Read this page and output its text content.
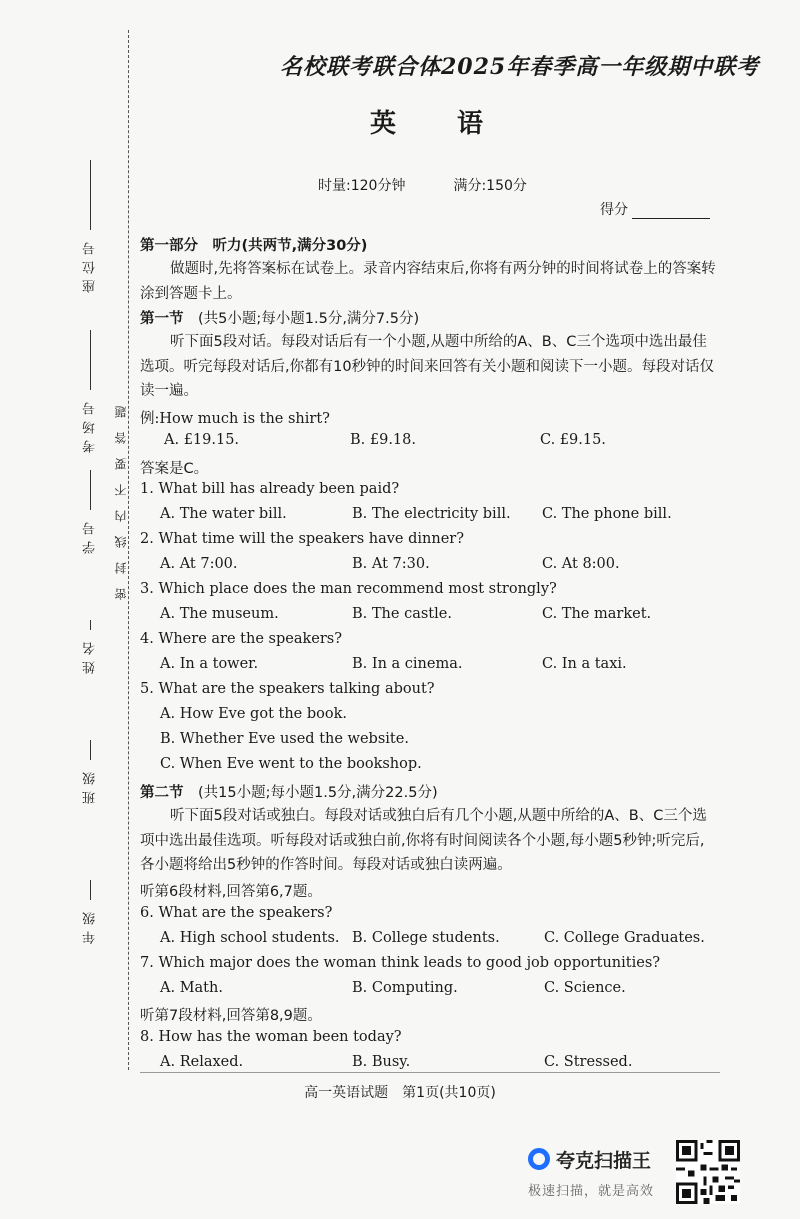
座位号
考场号
学号
姓名
班级
年级
密封线内不要答题
名校联考联合体2025年春季高一年级期中联考
英 语
时量:120分钟	满分:150分
得分
第一部分　听力(共两节,满分30分)
做题时,先将答案标在试卷上。录音内容结束后,你将有两分钟的时间将试卷上的答案转涂到答题卡上。
第一节　 (共5小题;每小题1.5分,满分7.5分)
听下面5段对话。每段对话后有一个小题,从题中所给的A、B、C三个选项中选出最佳选项。听完每段对话后,你都有10秒钟的时间来回答有关小题和阅读下一小题。每段对话仅读一遍。
例:How much is the shirt?
A. £19.15.	B. £9.18.	C. £9.15.
答案是C。
1. What bill has already been paid?
A. The water bill.	B. The electricity bill. C. The phone bill.
2. What time will the speakers have dinner?
A. At 7:00.	B. At 7:30.	C. At 8:00.
3. Which place does the man recommend most strongly?
A. The museum.	B. The castle.	C. The market.
4. Where are the speakers?
A. In a tower.	B. In a cinema.	C. In a taxi.
5. What are the speakers talking about?
A. How Eve got the book.
B. Whether Eve used the website.
C. When Eve went to the bookshop.
第二节　 (共15小题;每小题1.5分,满分22.5分)
听下面5段对话或独白。每段对话或独白后有几个小题,从题中所给的A、B、C三个选项中选出最佳选项。听每段对话或独白前,你将有时间阅读各个小题,每小题5秒钟;听完后,各小题将给出5秒钟的作答时间。每段对话或独白读两遍。
听第6段材料,回答第6,7题。
6. What are the speakers?
A. High school students. B. College students.	C. College Graduates.
7. Which major does the woman think leads to good job opportunities?
A. Math.	B. Computing.	C. Science.
听第7段材料,回答第8,9题。
8. How has the woman been today?
A. Relaxed.	B. Busy.	C. Stressed.
高一英语试题　第1页(共10页)
夸克扫描王
极速扫描，就是高效
